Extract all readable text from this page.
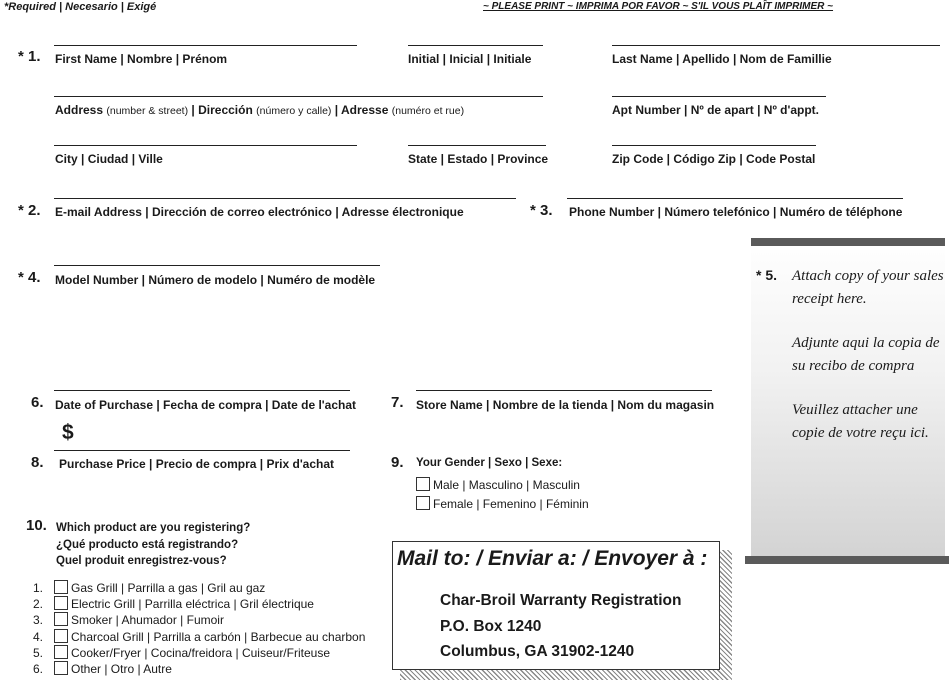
*Required | Necesario | Exigé	~ PLEASE PRINT ~ IMPRIMA POR FAVOR ~ S'IL VOUS PLAÎT IMPRIMER ~
* 1. First Name | Nombre | Prénom	Initial | Inicial | Initiale	Last Name | Apellido | Nom de Famillie
Address (number & street) | Dirección (número y calle) | Adresse (numéro et rue)	Apt Number | Nº de apart | Nº d'appt.
City | Ciudad | Ville	State | Estado | Province	Zip Code | Código Zip | Code Postal
* 2. E-mail Address | Dirección de correo electrónico | Adresse électronique	* 3. Phone Number | Número telefónico | Numéro de téléphone
* 4. Model Number | Número de modelo | Numéro de modèle	* 5. Attach copy of your sales receipt here.

Adjunte aqui la copia de su recibo de compra

Veuillez attacher une copie de votre reçu ici.

6. Date of Purchase | Fecha de compra | Date de l'achat 7. Store Name | Nombre de la tienda | Nom du magasin
$
8. Purchase Price | Precio de compra | Prix d'achat	9. Your Gender | Sexo | Sexe:
Male | Masculino | Masculin
Female | Femenino | Féminin
10. Which product are you registering?
¿Qué producto está registrando?
Quel produit enregistrez-vous?
1. Gas Grill | Parrilla a gas | Gril au gaz
2. Electric Grill | Parrilla eléctrica | Gril électrique
3. Smoker | Ahumador | Fumoir
4. Charcoal Grill | Parrilla a carbón | Barbecue au charbon
5. Cooker/Fryer | Cocina/freidora | Cuiseur/Friteuse
6. Other | Otro | Autre
Mail to: / Enviar a: / Envoyer à :
Char-Broil Warranty Registration
P.O. Box 1240
Columbus, GA 31902-1240
